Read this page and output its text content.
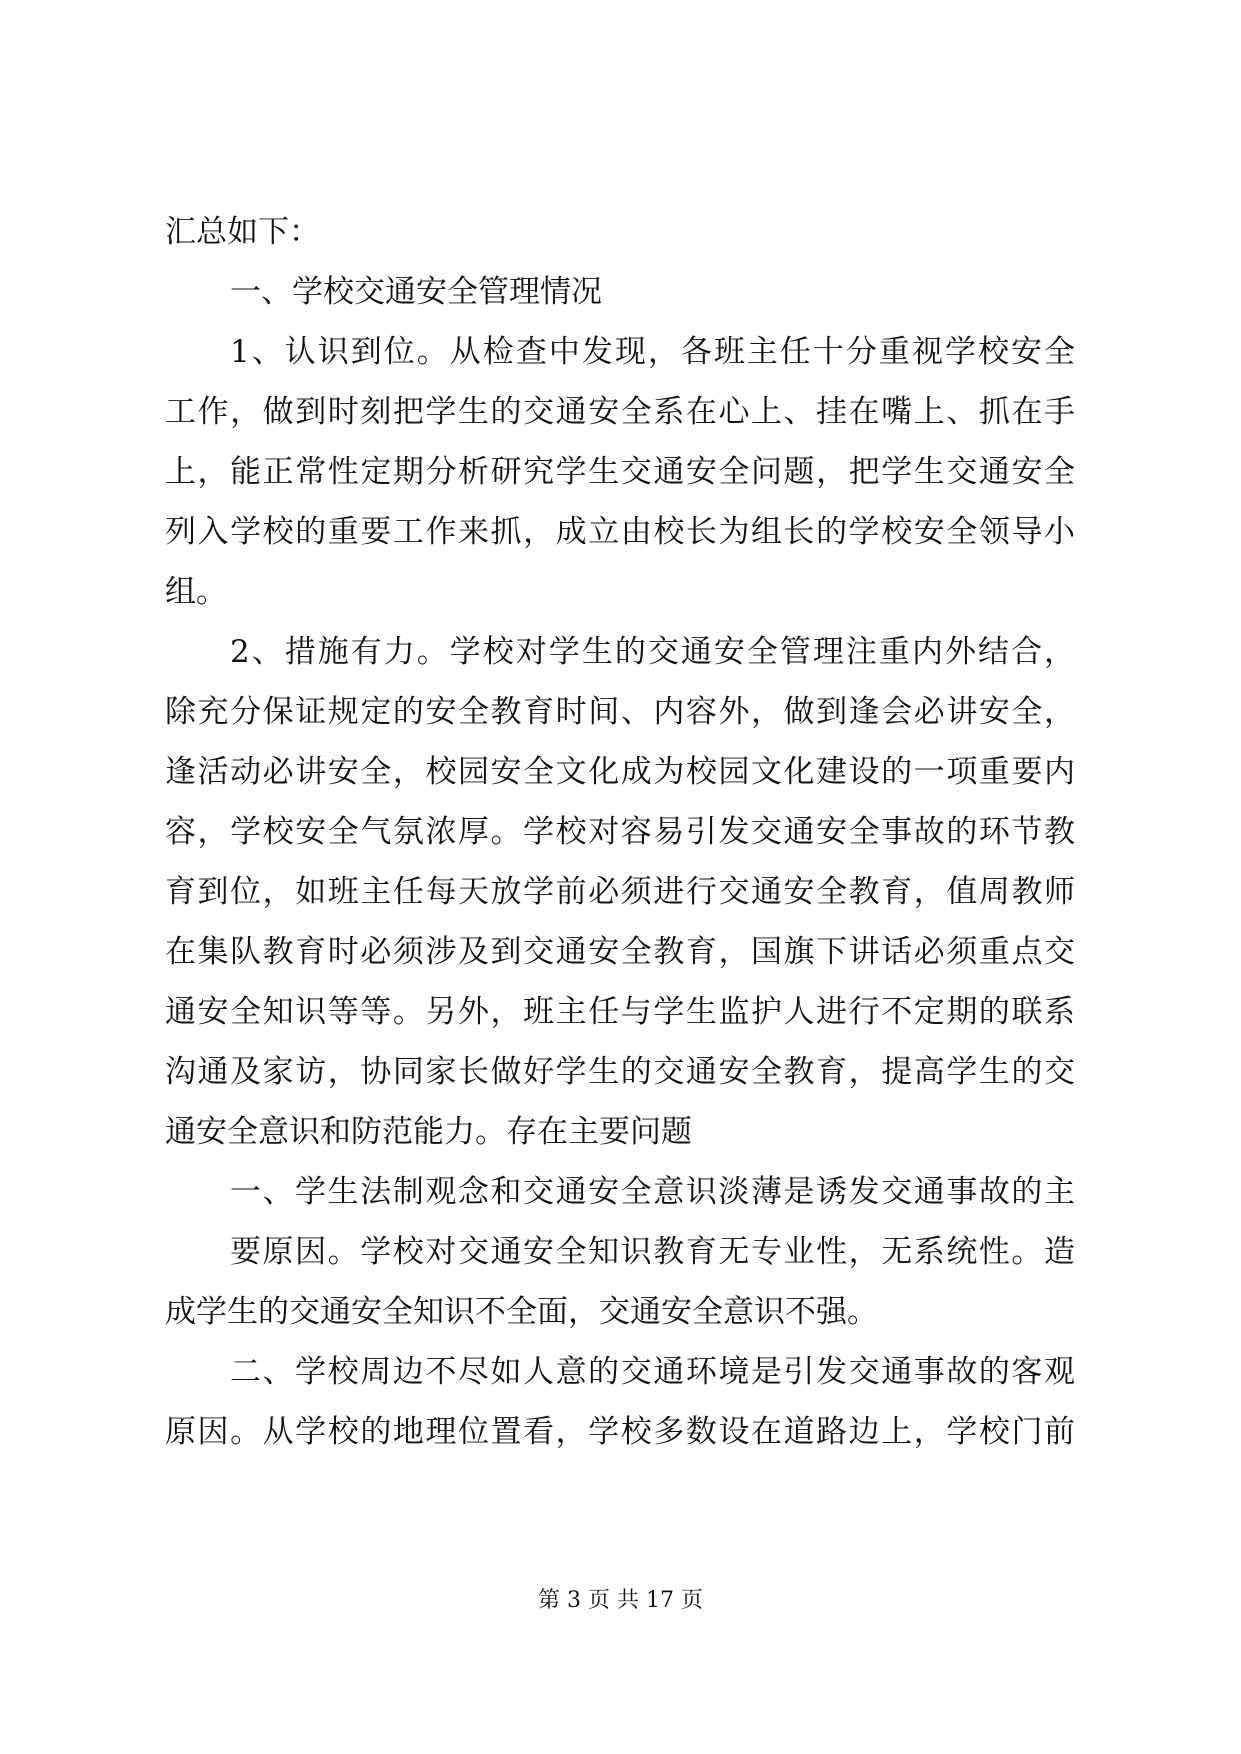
汇总如下：
一、学校交通安全管理情况
1、认识到位。从检查中发现，各班主任十分重视学校安全
工作，做到时刻把学生的交通安全系在心上、挂在嘴上、抓在手
上，能正常性定期分析研究学生交通安全问题，把学生交通安全
列入学校的重要工作来抓，成立由校长为组长的学校安全领导小
组。
2、措施有力。学校对学生的交通安全管理注重内外结合，
除充分保证规定的安全教育时间、内容外，做到逢会必讲安全，
逢活动必讲安全，校园安全文化成为校园文化建设的一项重要内
容，学校安全气氛浓厚。学校对容易引发交通安全事故的环节教
育到位，如班主任每天放学前必须进行交通安全教育，值周教师
在集队教育时必须涉及到交通安全教育，国旗下讲话必须重点交
通安全知识等等。另外，班主任与学生监护人进行不定期的联系
沟通及家访，协同家长做好学生的交通安全教育，提高学生的交
通安全意识和防范能力。存在主要问题
一、学生法制观念和交通安全意识淡薄是诱发交通事故的主
要原因。学校对交通安全知识教育无专业性，无系统性。造
成学生的交通安全知识不全面，交通安全意识不强。
二、学校周边不尽如人意的交通环境是引发交通事故的客观
原因。从学校的地理位置看，学校多数设在道路边上，学校门前
第 3 页 共 17 页
